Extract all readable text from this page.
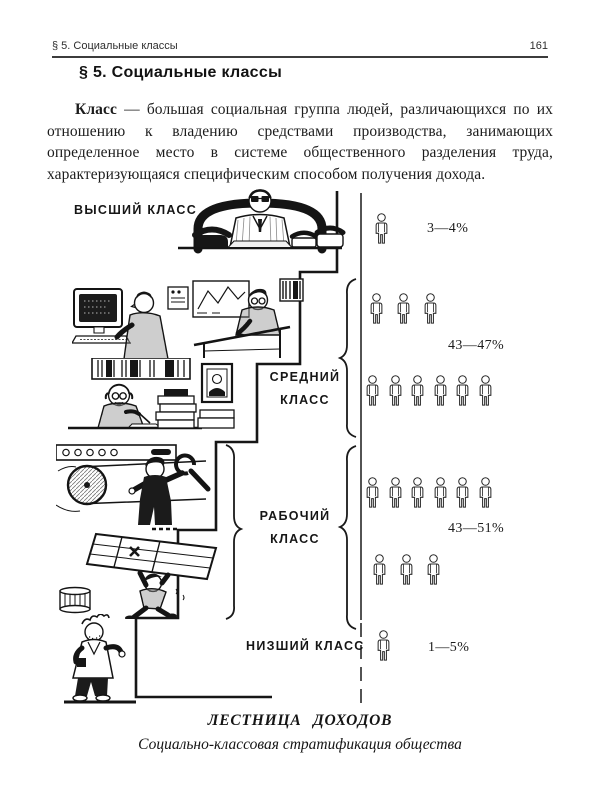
§ 5. Социальные классы	161
§ 5. Социальные классы

Класс — большая социальная группа людей, различающихся по их отношению к владению средствами производства, занимающих определенное место в системе общественного разделения труда, характеризующаяся специфическим способом получения дохода.

ВЫСШИЙ КЛАСС
СРЕДНИЙ
КЛАСС
РАБОЧИЙ
КЛАСС
НИЗШИЙ КЛАСС
3—4%
43—47%
43—51%
1—5%
ЛЕСТНИЦА ДОХОДОВ
Социально-классовая стратификация общества
